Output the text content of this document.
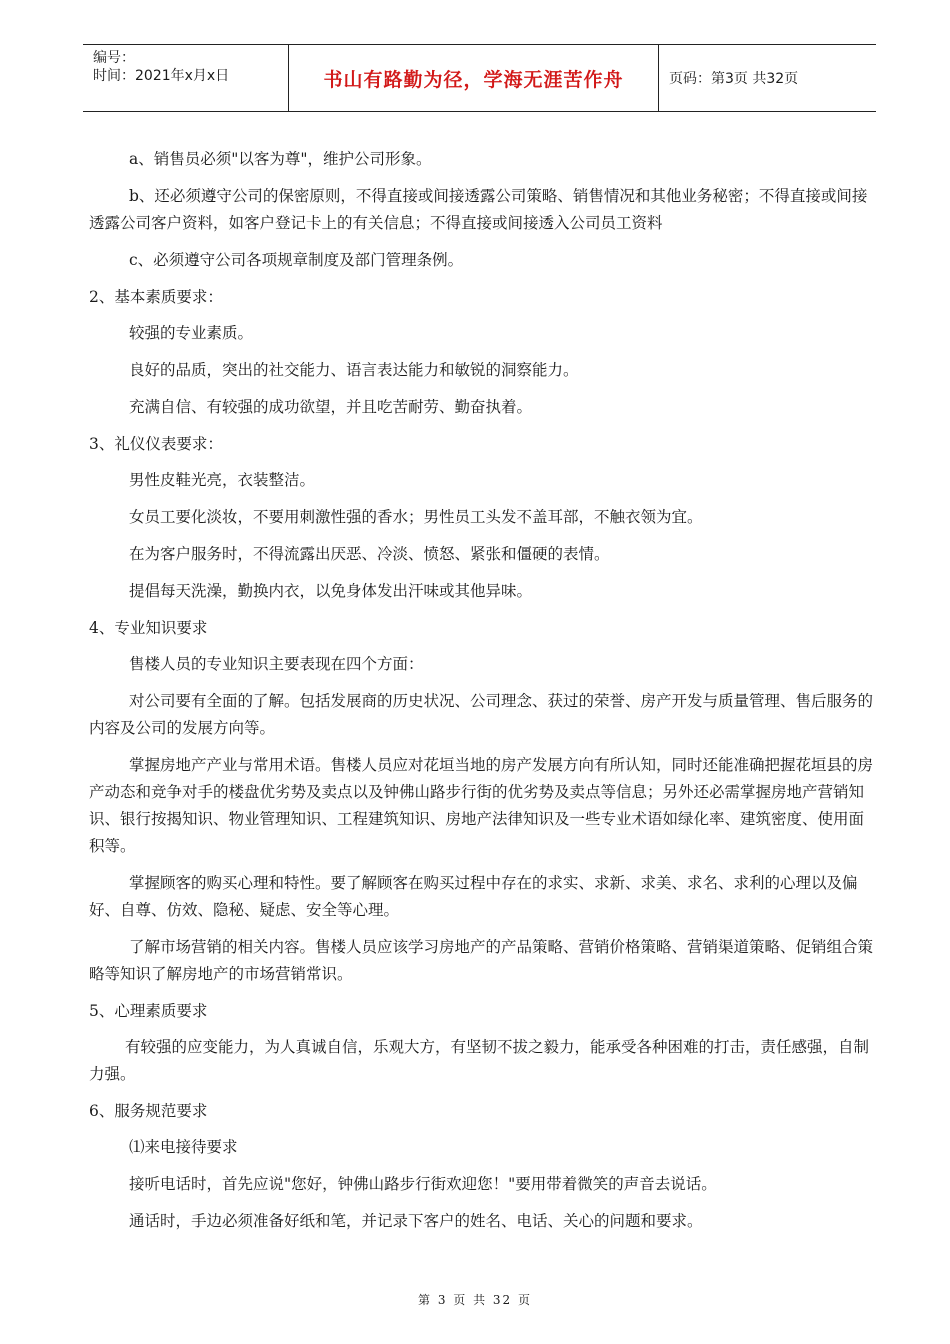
编号：
时间：2021年x月x日	书山有路勤为径，学海无涯苦作舟	页码：第3页 共32页

a、销售员必须"以客为尊"，维护公司形象。

b、还必须遵守公司的保密原则，不得直接或间接透露公司策略、销售情况和其他业务秘密；不得直接或间接透露公司客户资料，如客户登记卡上的有关信息；不得直接或间接透入公司员工资料

c、必须遵守公司各项规章制度及部门管理条例。

2、基本素质要求：

较强的专业素质。

良好的品质，突出的社交能力、语言表达能力和敏锐的洞察能力。

充满自信、有较强的成功欲望，并且吃苦耐劳、勤奋执着。

3、礼仪仪表要求：

男性皮鞋光亮，衣装整洁。

女员工要化淡妆，不要用刺激性强的香水；男性员工头发不盖耳部，不触衣领为宜。

在为客户服务时，不得流露出厌恶、冷淡、愤怒、紧张和僵硬的表情。

提倡每天洗澡，勤换内衣，以免身体发出汗味或其他异味。

4、专业知识要求

售楼人员的专业知识主要表现在四个方面：

对公司要有全面的了解。包括发展商的历史状况、公司理念、获过的荣誉、房产开发与质量管理、售后服务的内容及公司的发展方向等。

掌握房地产产业与常用术语。售楼人员应对花垣当地的房产发展方向有所认知，同时还能准确把握花垣县的房产动态和竞争对手的楼盘优劣势及卖点以及钟佛山路步行街的优劣势及卖点等信息；另外还必需掌握房地产营销知识、银行按揭知识、物业管理知识、工程建筑知识、房地产法律知识及一些专业术语如绿化率、建筑密度、使用面积等。

掌握顾客的购买心理和特性。要了解顾客在购买过程中存在的求实、求新、求美、求名、求利的心理以及偏好、自尊、仿效、隐秘、疑虑、安全等心理。

了解市场营销的相关内容。售楼人员应该学习房地产的产品策略、营销价格策略、营销渠道策略、促销组合策略等知识了解房地产的市场营销常识。

5、心理素质要求

有较强的应变能力，为人真诚自信，乐观大方，有坚韧不拔之毅力，能承受各种困难的打击，责任感强，自制力强。

6、服务规范要求

⑴来电接待要求

接听电话时，首先应说"您好，钟佛山路步行街欢迎您！"要用带着微笑的声音去说话。

通话时，手边必须准备好纸和笔，并记录下客户的姓名、电话、关心的问题和要求。

第 3 页 共 32 页
